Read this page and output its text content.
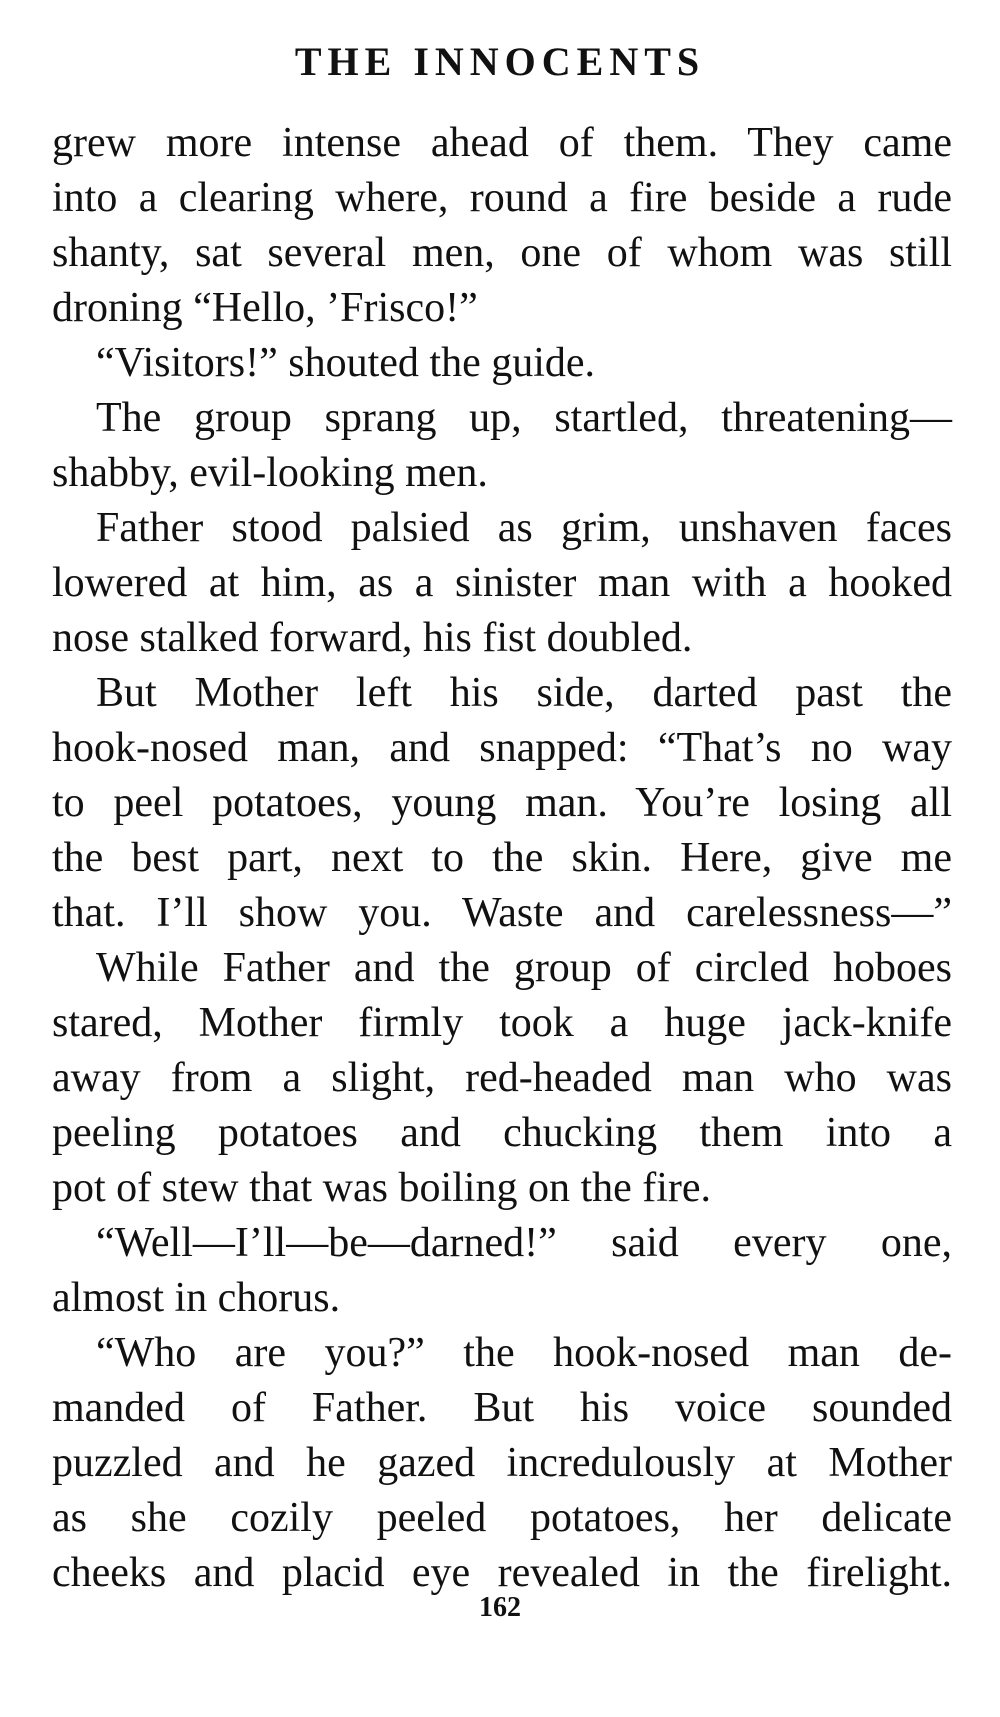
THE INNOCENTS
grew more intense ahead of them. They came
into a clearing where, round a fire beside a rude
shanty, sat several men, one of whom was still
droning “Hello, ’Frisco!”
“Visitors!” shouted the guide.
The group sprang up, startled, threatening—
shabby, evil-looking men.
Father stood palsied as grim, unshaven faces
lowered at him, as a sinister man with a hooked
nose stalked forward, his fist doubled.
But Mother left his side, darted past the
hook-nosed man, and snapped: “That’s no way
to peel potatoes, young man. You’re losing all
the best part, next to the skin. Here, give me
that. I’ll show you. Waste and carelessness—”
While Father and the group of circled hoboes
stared, Mother firmly took a huge jack-knife
away from a slight, red-headed man who was
peeling potatoes and chucking them into a
pot of stew that was boiling on the fire.
“Well—I’ll—be—darned!” said every one,
almost in chorus.
“Who are you?” the hook-nosed man de-
manded of Father. But his voice sounded
puzzled and he gazed incredulously at Mother
as she cozily peeled potatoes, her delicate
cheeks and placid eye revealed in the firelight.
162
